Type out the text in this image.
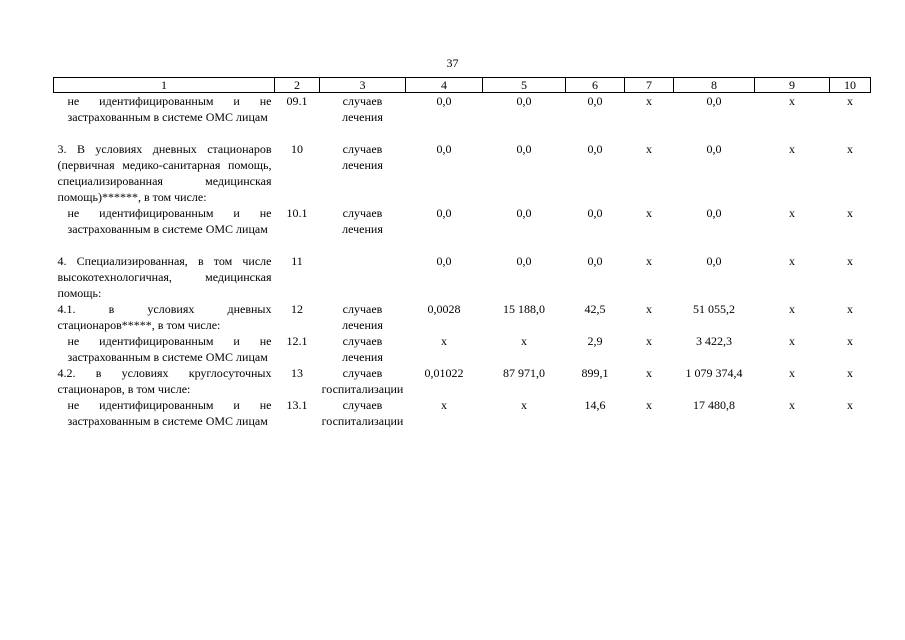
37
1	2	3	4	5	6	7	8	9	10
не идентифицированным и не застрахованным в системе ОМС лицам	09.1	случаев лечения	0,0	0,0	0,0	х	0,0	х	х
3. В условиях дневных стационаров (первичная медико-санитарная помощь, специализированная медицинская помощь)******, в том числе:	10	случаев лечения	0,0	0,0	0,0	х	0,0	х	х
не идентифицированным и не застрахованным в системе ОМС лицам	10.1	случаев лечения	0,0	0,0	0,0	х	0,0	х	х
4. Специализированная, в том числе высокотехнологичная, медицинская помощь:	11		0,0	0,0	0,0	х	0,0	х	х
4.1. в условиях дневных стационаров*****, в том числе:	12	случаев лечения	0,0028	15 188,0	42,5	х	51 055,2	х	х
не идентифицированным и не застрахованным в системе ОМС лицам	12.1	случаев лечения	х	х	2,9	х	3 422,3	х	х
4.2. в условиях круглосуточных стационаров, в том числе:	13	случаев госпитализации	0,01022	87 971,0	899,1	х	1 079 374,4	х	х
не идентифицированным и не застрахованным в системе ОМС лицам	13.1	случаев госпитализации	х	х	14,6	х	17 480,8	х	х
